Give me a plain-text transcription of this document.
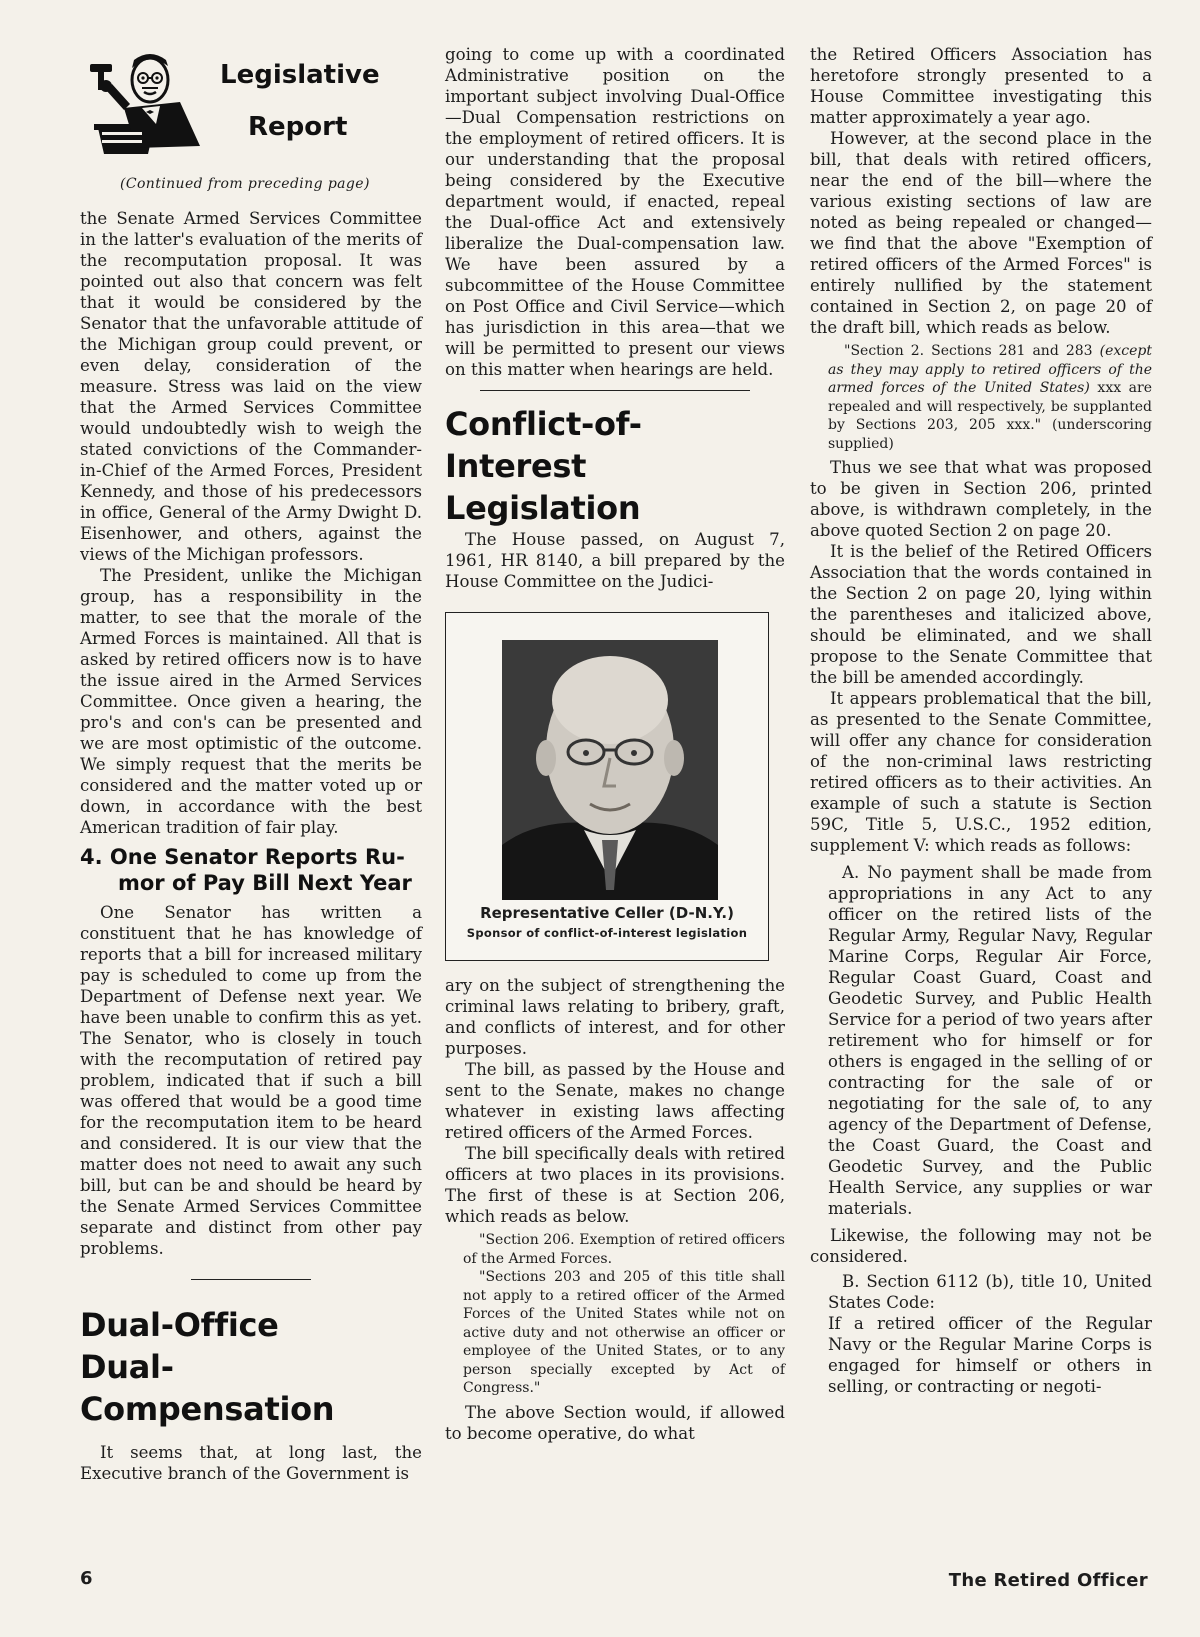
Legislative
Report
(Continued from preceding page)

the Senate Armed Services Committee in the latter's evaluation of the merits of the recomputation proposal. It was pointed out also that concern was felt that it would be considered by the Senator that the unfavorable attitude of the Michigan group could prevent, or even delay, consideration of the measure. Stress was laid on the view that the Armed Services Committee would undoubtedly wish to weigh the stated convictions of the Commander-in-Chief of the Armed Forces, President Kennedy, and those of his predecessors in office, General of the Army Dwight D. Eisenhower, and others, against the views of the Michigan professors.

The President, unlike the Michigan group, has a responsibility in the matter, to see that the morale of the Armed Forces is maintained. All that is asked by retired officers now is to have the issue aired in the Armed Services Committee. Once given a hearing, the pro's and con's can be presented and we are most optimistic of the outcome. We simply request that the merits be considered and the matter voted up or down, in accordance with the best American tradition of fair play.

4. One Senator Reports Ru-
mor of Pay Bill Next Year

One Senator has written a constituent that he has knowledge of reports that a bill for increased military pay is scheduled to come up from the Department of Defense next year. We have been unable to confirm this as yet. The Senator, who is closely in touch with the recomputation of retired pay problem, indicated that if such a bill was offered that would be a good time for the recomputation item to be heard and considered. It is our view that the matter does not need to await any such bill, but can be and should be heard by the Senate Armed Services Committee separate and distinct from other pay problems.

Dual-Office
Dual-Compensation

It seems that, at long last, the Executive branch of the Government is

going to come up with a coordinated Administrative position on the important subject involving Dual-Office—Dual Compensation restrictions on the employment of retired officers. It is our understanding that the proposal being considered by the Executive department would, if enacted, repeal the Dual-office Act and extensively liberalize the Dual-compensation law. We have been assured by a subcommittee of the House Committee on Post Office and Civil Service—which has jurisdiction in this area—that we will be permitted to present our views on this matter when hearings are held.

Conflict-of-
Interest
Legislation

The House passed, on August 7, 1961, HR 8140, a bill prepared by the House Committee on the Judici-

Representative Celler (D-N.Y.)
Sponsor of conflict-of-interest legislation

ary on the subject of strengthening the criminal laws relating to bribery, graft, and conflicts of interest, and for other purposes.

The bill, as passed by the House and sent to the Senate, makes no change whatever in existing laws affecting retired officers of the Armed Forces.

The bill specifically deals with retired officers at two places in its provisions. The first of these is at Section 206, which reads as below.

"Section 206. Exemption of retired officers of the Armed Forces.

"Sections 203 and 205 of this title shall not apply to a retired officer of the Armed Forces of the United States while not on active duty and not otherwise an officer or employee of the United States, or to any person specially excepted by Act of Congress."

The above Section would, if allowed to become operative, do what

the Retired Officers Association has heretofore strongly presented to a House Committee investigating this matter approximately a year ago.

However, at the second place in the bill, that deals with retired officers, near the end of the bill—where the various existing sections of law are noted as being repealed or changed—we find that the above "Exemption of retired officers of the Armed Forces" is entirely nullified by the statement contained in Section 2, on page 20 of the draft bill, which reads as below.

"Section 2. Sections 281 and 283 (except as they may apply to retired officers of the armed forces of the United States) xxx are repealed and will respectively, be supplanted by Sections 203, 205 xxx." (underscoring supplied)

Thus we see that what was proposed to be given in Section 206, printed above, is withdrawn completely, in the above quoted Section 2 on page 20.

It is the belief of the Retired Officers Association that the words contained in the Section 2 on page 20, lying within the parentheses and italicized above, should be eliminated, and we shall propose to the Senate Committee that the bill be amended accordingly.

It appears problematical that the bill, as presented to the Senate Committee, will offer any chance for consideration of the non-criminal laws restricting retired officers as to their activities. An example of such a statute is Section 59C, Title 5, U.S.C., 1952 edition, supplement V: which reads as follows:

A. No payment shall be made from appropriations in any Act to any officer on the retired lists of the Regular Army, Regular Navy, Regular Marine Corps, Regular Air Force, Regular Coast Guard, Coast and Geodetic Survey, and Public Health Service for a period of two years after retirement who for himself or for others is engaged in the selling of or contracting for the sale of or negotiating for the sale of, to any agency of the Department of Defense, the Coast Guard, the Coast and Geodetic Survey, and the Public Health Service, any supplies or war materials.

Likewise, the following may not be considered.

B. Section 6112 (b), title 10, United States Code:

If a retired officer of the Regular Navy or the Regular Marine Corps is engaged for himself or others in selling, or contracting or negoti-

6	The Retired Officer
